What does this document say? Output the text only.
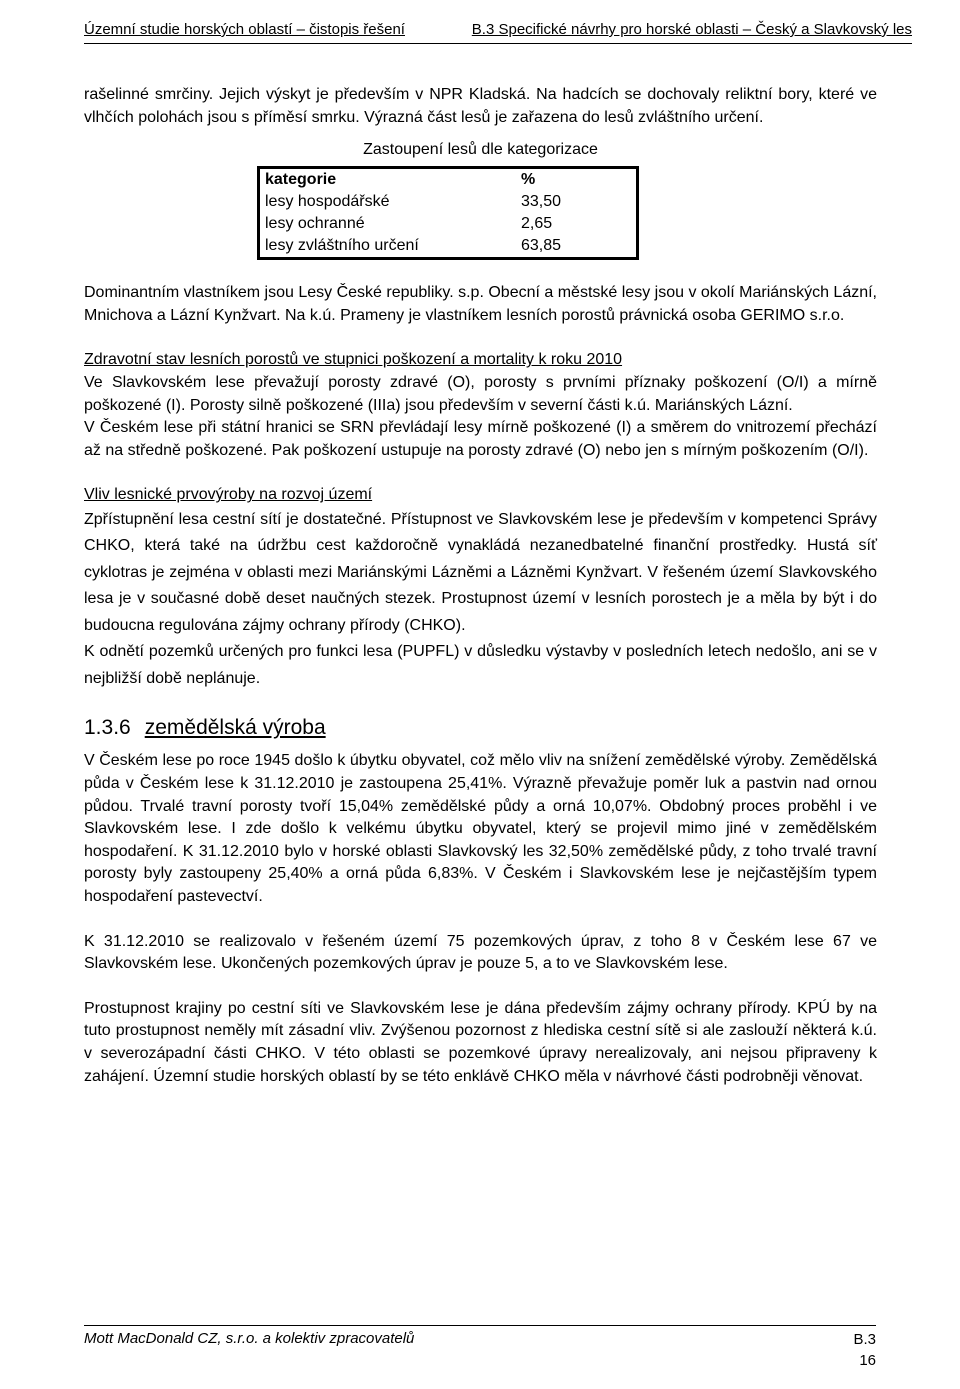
Územní studie horských oblastí – čistopis řešení	B.3 Specifické návrhy pro horské oblasti – Český a Slavkovský les

rašelinné smrčiny. Jejich výskyt je především v NPR Kladská. Na hadcích se dochovaly reliktní bory, které ve vlhčích polohách jsou s příměsí smrku. Výrazná část lesů je zařazena do lesů zvláštního určení.

Zastoupení lesů dle kategorizace
kategorie	%
lesy hospodářské	33,50
lesy ochranné	2,65
lesy zvláštního určení	63,85

Dominantním vlastníkem jsou Lesy České republiky. s.p. Obecní a městské lesy jsou v okolí Mariánských Lázní, Mnichova a Lázní Kynžvart. Na k.ú. Prameny je vlastníkem lesních porostů právnická osoba GERIMO s.r.o.

Zdravotní stav lesních porostů ve stupnici poškození a mortality k roku 2010

Ve Slavkovském lese převažují porosty zdravé (O), porosty s prvními příznaky poškození (O/I) a mírně poškozené (I). Porosty silně poškozené (IIIa) jsou především v severní části k.ú. Mariánských Lázní.

V Českém lese při státní hranici se SRN převládají lesy mírně poškozené (I) a směrem do vnitrozemí přechází až na středně poškozené. Pak poškození ustupuje na porosty zdravé (O) nebo jen s mírným poškozením (O/I).

Vliv lesnické prvovýroby na rozvoj území

Zpřístupnění lesa cestní sítí je dostatečné. Přístupnost ve Slavkovském lese je především v kompetenci Správy CHKO, která také na údržbu cest každoročně vynakládá nezanedbatelné finanční prostředky. Hustá síť cyklotras je zejména v oblasti mezi Mariánskými Lázněmi a Lázněmi Kynžvart. V řešeném území Slavkovského lesa je v současné době deset naučných stezek. Prostupnost území v lesních porostech je a měla by být i do budoucna regulována zájmy ochrany přírody (CHKO).

K odnětí pozemků určených pro funkci lesa (PUPFL) v důsledku výstavby v posledních letech nedošlo, ani se v nejbližší době neplánuje.

1.3.6 zemědělská výroba

V Českém lese po roce 1945 došlo k úbytku obyvatel, což mělo vliv na snížení zemědělské výroby. Zemědělská půda v Českém lese k 31.12.2010 je zastoupena 25,41%. Výrazně převažuje poměr luk a pastvin nad ornou půdou. Trvalé travní porosty tvoří 15,04% zemědělské půdy a orná 10,07%. Obdobný proces proběhl i ve Slavkovském lese. I zde došlo k velkému úbytku obyvatel, který se projevil mimo jiné v zemědělském hospodaření. K 31.12.2010 bylo v horské oblasti Slavkovský les 32,50% zemědělské půdy, z toho trvalé travní porosty byly zastoupeny 25,40% a orná půda 6,83%. V Českém i Slavkovském lese je nejčastějším typem hospodaření pastevectví.

K 31.12.2010 se realizovalo v řešeném území 75 pozemkových úprav, z toho 8 v Českém lese 67 ve Slavkovském lese. Ukončených pozemkových úprav je pouze 5, a to ve Slavkovském lese.

Prostupnost krajiny po cestní síti ve Slavkovském lese je dána především zájmy ochrany přírody. KPÚ by na tuto prostupnost neměly mít zásadní vliv. Zvýšenou pozornost z hlediska cestní sítě si ale zaslouží některá k.ú. v severozápadní části CHKO. V této oblasti se pozemkové úpravy nerealizovaly, ani nejsou připraveny k zahájení. Územní studie horských oblastí by se této enklávě CHKO měla v návrhové části podrobněji věnovat.

Mott MacDonald CZ, s.r.o. a kolektiv zpracovatelů	B.3
16
